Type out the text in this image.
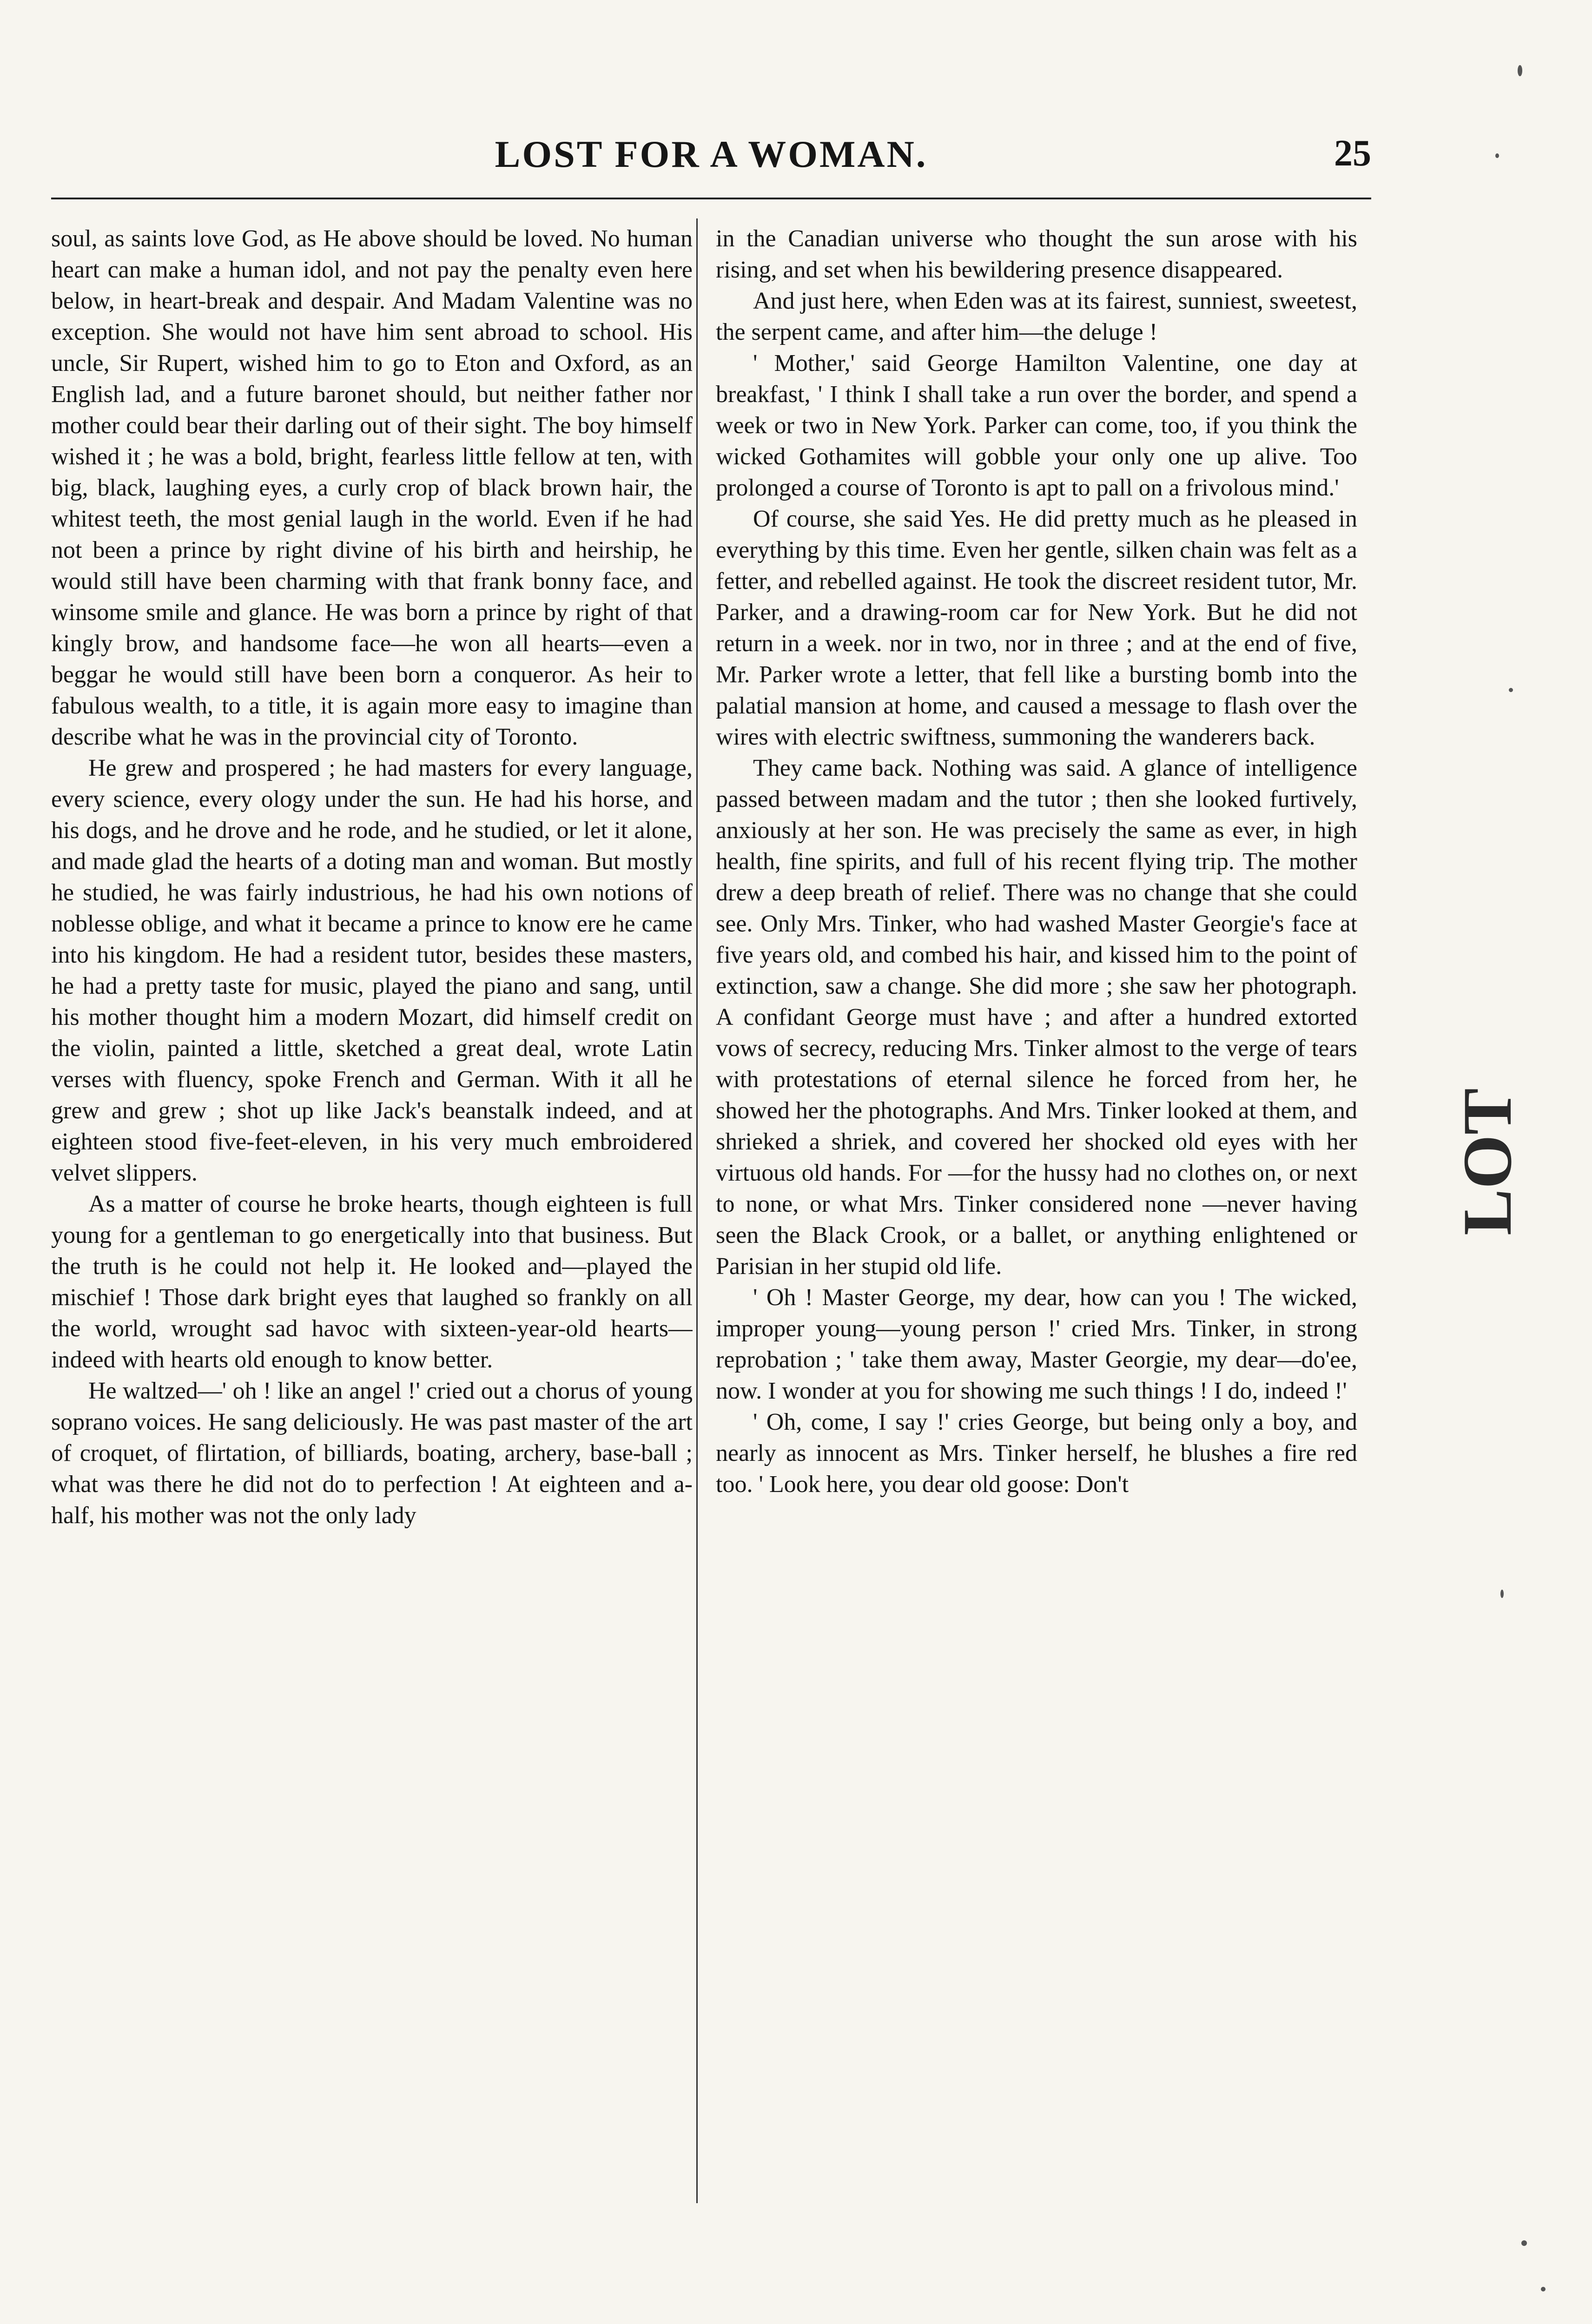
LOST FOR A WOMAN.	25

soul, as saints love God, as He above should be loved. No human heart can make a human idol, and not pay the penalty even here below, in heart-break and despair. And Madam Valentine was no exception. She would not have him sent abroad to school. His uncle, Sir Rupert, wished him to go to Eton and Oxford, as an English lad, and a future baronet should, but neither father nor mother could bear their darling out of their sight. The boy himself wished it ; he was a bold, bright, fearless little fellow at ten, with big, black, laughing eyes, a curly crop of black brown hair, the whitest teeth, the most genial laugh in the world. Even if he had not been a prince by right divine of his birth and heirship, he would still have been charming with that frank bonny face, and winsome smile and glance. He was born a prince by right of that kingly brow, and handsome face—he won all hearts—even a beggar he would still have been born a conqueror. As heir to fabulous wealth, to a title, it is again more easy to imagine than describe what he was in the provincial city of Toronto.

He grew and prospered ; he had masters for every language, every science, every ology under the sun. He had his horse, and his dogs, and he drove and he rode, and he studied, or let it alone, and made glad the hearts of a doting man and woman. But mostly he studied, he was fairly industrious, he had his own notions of noblesse oblige, and what it became a prince to know ere he came into his kingdom. He had a resident tutor, besides these masters, he had a pretty taste for music, played the piano and sang, until his mother thought him a modern Mozart, did himself credit on the violin, painted a little, sketched a great deal, wrote Latin verses with fluency, spoke French and German. With it all he grew and grew ; shot up like Jack's beanstalk indeed, and at eighteen stood five-feet-eleven, in his very much embroidered velvet slippers.

As a matter of course he broke hearts, though eighteen is full young for a gentleman to go energetically into that business. But the truth is he could not help it. He looked and—played the mischief ! Those dark bright eyes that laughed so frankly on all the world, wrought sad havoc with sixteen-year-old hearts—indeed with hearts old enough to know better.

He waltzed—' oh ! like an angel !' cried out a chorus of young soprano voices. He sang deliciously. He was past master of the art of croquet, of flirtation, of billiards, boating, archery, base-ball ; what was there he did not do to perfection ! At eighteen and a-half, his mother was not the only lady

in the Canadian universe who thought the sun arose with his rising, and set when his bewildering presence disappeared.

And just here, when Eden was at its fairest, sunniest, sweetest, the serpent came, and after him—the deluge !

' Mother,' said George Hamilton Valentine, one day at breakfast, ' I think I shall take a run over the border, and spend a week or two in New York. Parker can come, too, if you think the wicked Gothamites will gobble your only one up alive. Too prolonged a course of Toronto is apt to pall on a frivolous mind.'

Of course, she said Yes. He did pretty much as he pleased in everything by this time. Even her gentle, silken chain was felt as a fetter, and rebelled against. He took the discreet resident tutor, Mr. Parker, and a drawing-room car for New York. But he did not return in a week. nor in two, nor in three ; and at the end of five, Mr. Parker wrote a letter, that fell like a bursting bomb into the palatial mansion at home, and caused a message to flash over the wires with electric swiftness, summoning the wanderers back.

They came back. Nothing was said. A glance of intelligence passed between madam and the tutor ; then she looked furtively, anxiously at her son. He was precisely the same as ever, in high health, fine spirits, and full of his recent flying trip. The mother drew a deep breath of relief. There was no change that she could see. Only Mrs. Tinker, who had washed Master Georgie's face at five years old, and combed his hair, and kissed him to the point of extinction, saw a change. She did more ; she saw her photograph. A confidant George must have ; and after a hundred extorted vows of secrecy, reducing Mrs. Tinker almost to the verge of tears with protestations of eternal silence he forced from her, he showed her the photographs. And Mrs. Tinker looked at them, and shrieked a shriek, and covered her shocked old eyes with her virtuous old hands. For —for the hussy had no clothes on, or next to none, or what Mrs. Tinker considered none —never having seen the Black Crook, or a ballet, or anything enlightened or Parisian in her stupid old life.

' Oh ! Master George, my dear, how can you ! The wicked, improper young—young person !' cried Mrs. Tinker, in strong reprobation ; ' take them away, Master Georgie, my dear—do'ee, now. I wonder at you for showing me such things ! I do, indeed !'

' Oh, come, I say !' cries George, but being only a boy, and nearly as innocent as Mrs. Tinker herself, he blushes a fire red too. ' Look here, you dear old goose: Don't

LOT
